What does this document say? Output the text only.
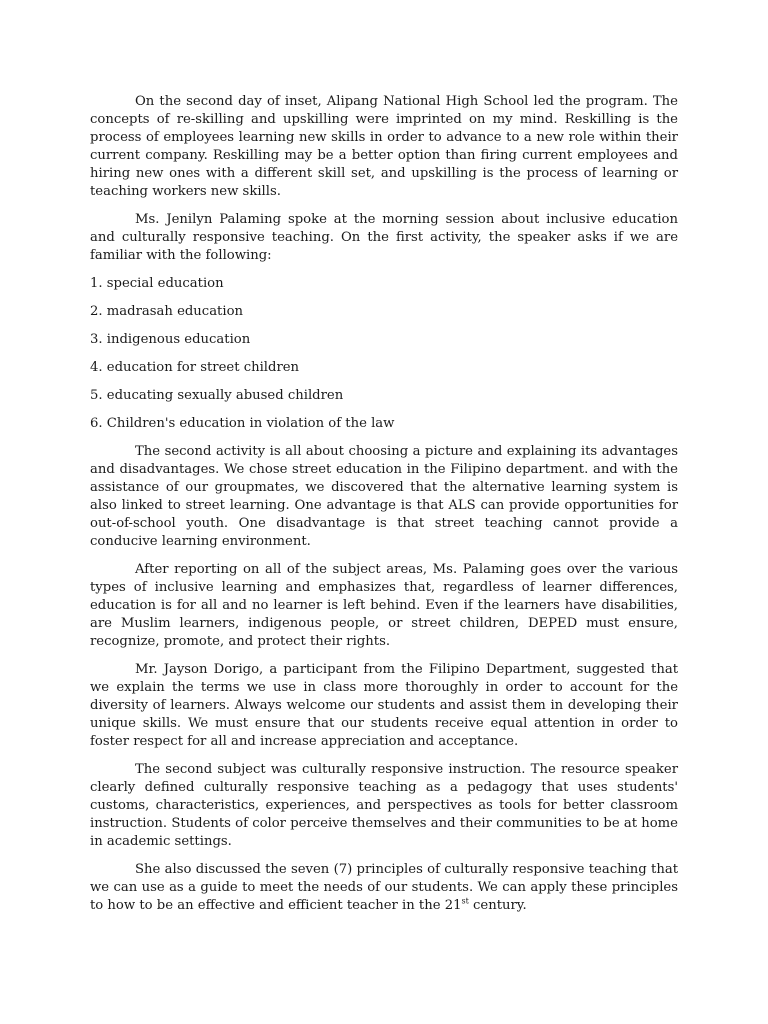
On the second day of inset, Alipang National High School led the program. The concepts of re-skilling and upskilling were imprinted on my mind. Reskilling is the process of employees learning new skills in order to advance to a new role within their current company. Reskilling may be a better option than firing current employees and hiring new ones with a different skill set, and upskilling is the process of learning or teaching workers new skills.

Ms. Jenilyn Palaming spoke at the morning session about inclusive education and culturally responsive teaching. On the first activity, the speaker asks if we are familiar with the following:

1. special education
2. madrasah education
3. indigenous education
4. education for street children
5. educating sexually abused children
6. Children's education in violation of the law

The second activity is all about choosing a picture and explaining its advantages and disadvantages. We chose street education in the Filipino department. and with the assistance of our groupmates, we discovered that the alternative learning system is also linked to street learning. One advantage is that ALS can provide opportunities for out-of-school youth. One disadvantage is that street teaching cannot provide a conducive learning environment.

After reporting on all of the subject areas, Ms. Palaming goes over the various types of inclusive learning and emphasizes that, regardless of learner differences, education is for all and no learner is left behind. Even if the learners have disabilities, are Muslim learners, indigenous people, or street children, DEPED must ensure, recognize, promote, and protect their rights.

Mr. Jayson Dorigo, a participant from the Filipino Department, suggested that we explain the terms we use in class more thoroughly in order to account for the diversity of learners. Always welcome our students and assist them in developing their unique skills. We must ensure that our students receive equal attention in order to foster respect for all and increase appreciation and acceptance.

The second subject was culturally responsive instruction. The resource speaker clearly defined culturally responsive teaching as a pedagogy that uses students' customs, characteristics, experiences, and perspectives as tools for better classroom instruction. Students of color perceive themselves and their communities to be at home in academic settings.

She also discussed the seven (7) principles of culturally responsive teaching that we can use as a guide to meet the needs of our students. We can apply these principles to how to be an effective and efficient teacher in the 21st century.
